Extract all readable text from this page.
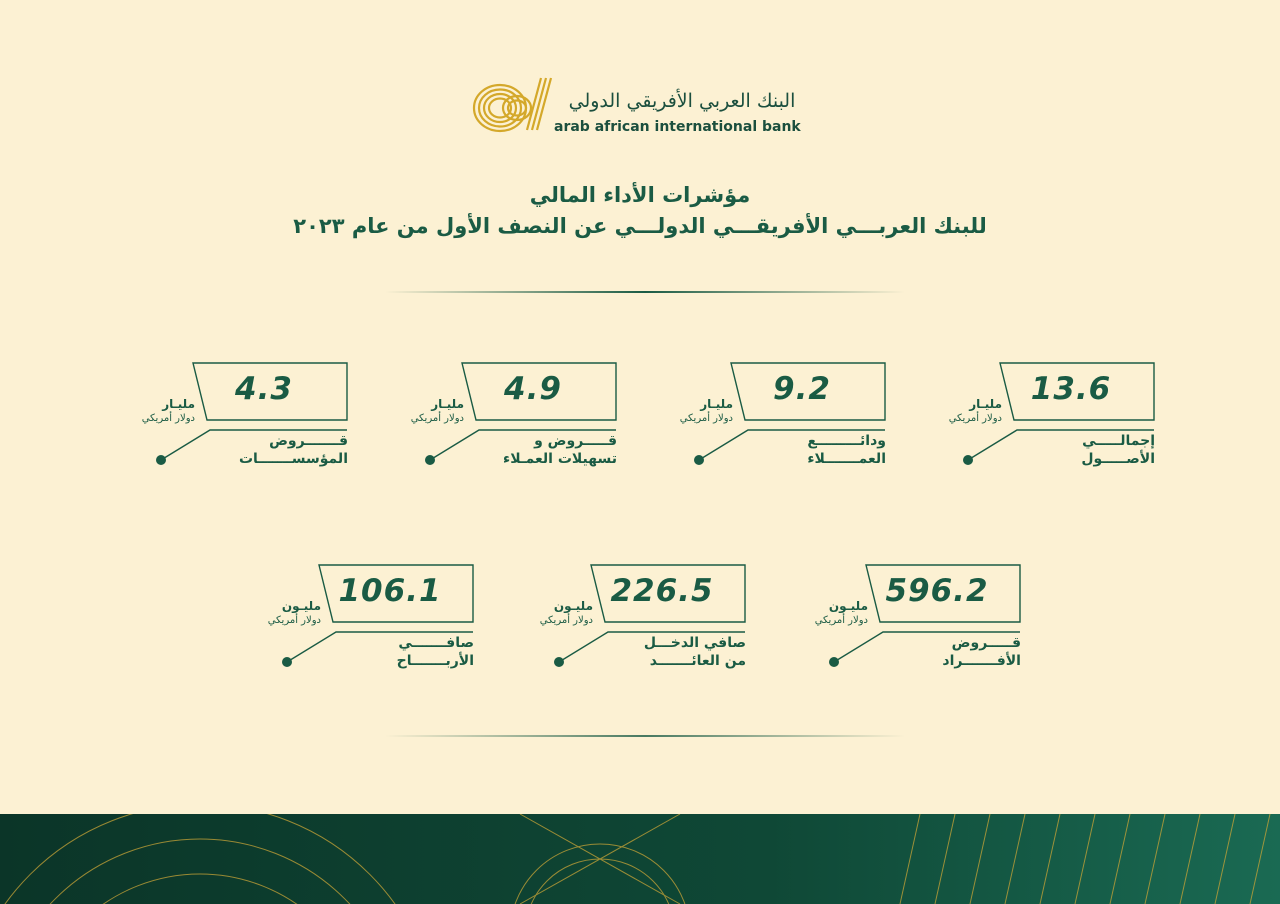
البنك العربي الأفريقي الدولي
arab african international bank
مؤشرات الأداء المالي
للبنك العربـــي الأفريقـــي الدولـــي عن النصف الأول من عام ٢٠٢٣
13.6
مليـار
دولار أمريكي
إجمالـــــي
الأصـــــول
9.2
مليـار
دولار أمريكي
ودائـــــــــع
العمـــــــلاء
4.9
مليـار
دولار أمريكي
قـــــروض و
تسهيلات العمـلاء
4.3
مليـار
دولار أمريكي
قـــــــروض
المؤسســـــــات
596.2
مليـون
دولار أمريكي
قـــــروض
الأفـــــــراد
226.5
مليـون
دولار أمريكي
صافي الدخـــل
من العائـــــــد
106.1
مليـون
دولار أمريكي
صافـــــــي
الأربـــــــاح
